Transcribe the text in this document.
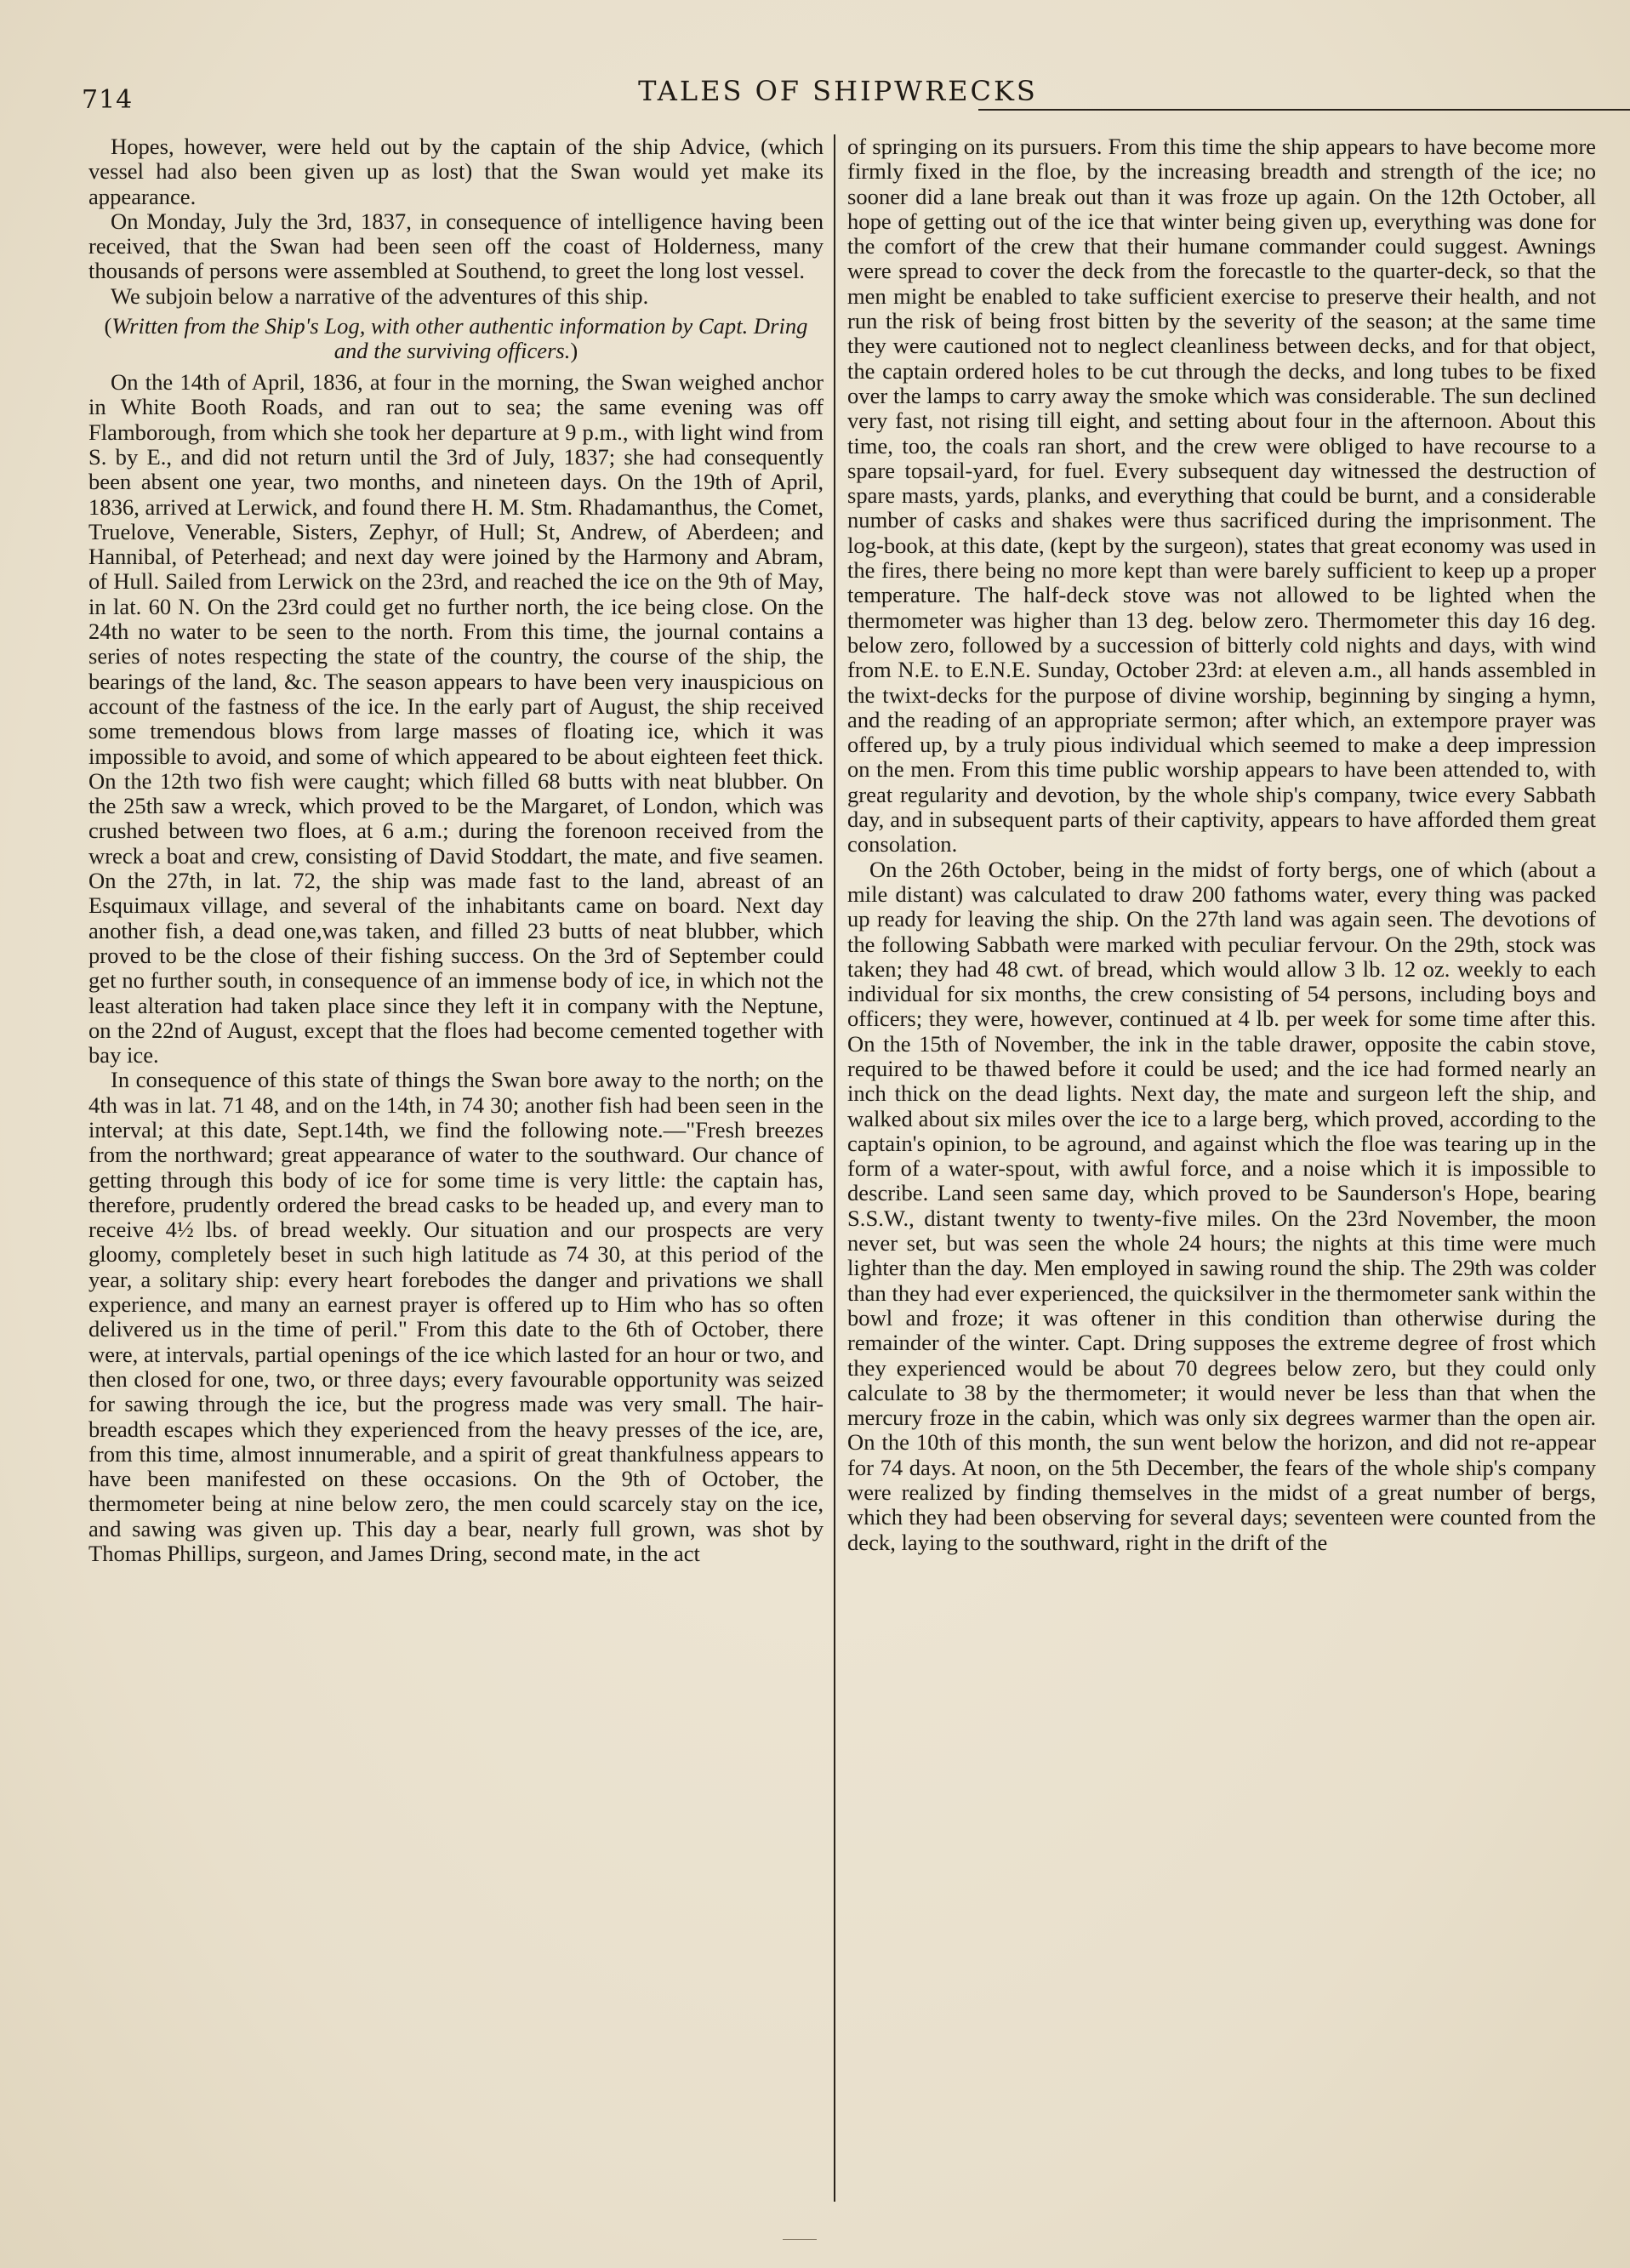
714	TALES OF SHIPWRECKS

Hopes, however, were held out by the captain of the ship Advice, (which vessel had also been given up as lost) that the Swan would yet make its appearance.

On Monday, July the 3rd, 1837, in consequence of intelligence having been received, that the Swan had been seen off the coast of Holderness, many thousands of persons were assembled at Southend, to greet the long lost vessel.

We subjoin below a narrative of the adventures of this ship.

(Written from the Ship's Log, with other authentic information by Capt. Dring and the surviving officers.)

On the 14th of April, 1836, at four in the morning, the Swan weighed anchor in White Booth Roads, and ran out to sea; the same evening was off Flamborough, from which she took her departure at 9 p.m., with light wind from S. by E., and did not return until the 3rd of July, 1837; she had consequently been absent one year, two months, and nineteen days. On the 19th of April, 1836, arrived at Lerwick, and found there H. M. Stm. Rhadamanthus, the Comet, Truelove, Venerable, Sisters, Zephyr, of Hull; St, Andrew, of Aberdeen; and Hannibal, of Peterhead; and next day were joined by the Harmony and Abram, of Hull. Sailed from Lerwick on the 23rd, and reached the ice on the 9th of May, in lat. 60 N. On the 23rd could get no further north, the ice being close. On the 24th no water to be seen to the north. From this time, the journal contains a series of notes respecting the state of the country, the course of the ship, the bearings of the land, &c. The season appears to have been very inauspicious on account of the fastness of the ice. In the early part of August, the ship received some tremendous blows from large masses of floating ice, which it was impossible to avoid, and some of which appeared to be about eighteen feet thick. On the 12th two fish were caught; which filled 68 butts with neat blubber. On the 25th saw a wreck, which proved to be the Margaret, of London, which was crushed between two floes, at 6 a.m.; during the forenoon received from the wreck a boat and crew, consisting of David Stoddart, the mate, and five seamen. On the 27th, in lat. 72, the ship was made fast to the land, abreast of an Esquimaux village, and several of the inhabitants came on board. Next day another fish, a dead one,was taken, and filled 23 butts of neat blubber, which proved to be the close of their fishing success. On the 3rd of September could get no further south, in consequence of an immense body of ice, in which not the least alteration had taken place since they left it in company with the Neptune, on the 22nd of August, except that the floes had become cemented together with bay ice.

In consequence of this state of things the Swan bore away to the north; on the 4th was in lat. 71 48, and on the 14th, in 74 30; another fish had been seen in the interval; at this date, Sept.14th, we find the following note.—"Fresh breezes from the northward; great appearance of water to the southward. Our chance of getting through this body of ice for some time is very little: the captain has, therefore, prudently ordered the bread casks to be headed up, and every man to receive 4½ lbs. of bread weekly. Our situation and our prospects are very gloomy, completely beset in such high latitude as 74 30, at this period of the year, a solitary ship: every heart forebodes the danger and privations we shall experience, and many an earnest prayer is offered up to Him who has so often delivered us in the time of peril." From this date to the 6th of October, there were, at intervals, partial openings of the ice which lasted for an hour or two, and then closed for one, two, or three days; every favourable opportunity was seized for sawing through the ice, but the progress made was very small. The hair-breadth escapes which they experienced from the heavy presses of the ice, are, from this time, almost innumerable, and a spirit of great thankfulness appears to have been manifested on these occasions. On the 9th of October, the thermometer being at nine below zero, the men could scarcely stay on the ice, and sawing was given up. This day a bear, nearly full grown, was shot by Thomas Phillips, surgeon, and James Dring, second mate, in the act

of springing on its pursuers. From this time the ship appears to have become more firmly fixed in the floe, by the increasing breadth and strength of the ice; no sooner did a lane break out than it was froze up again. On the 12th October, all hope of getting out of the ice that winter being given up, everything was done for the comfort of the crew that their humane commander could suggest. Awnings were spread to cover the deck from the forecastle to the quarter-deck, so that the men might be enabled to take sufficient exercise to preserve their health, and not run the risk of being frost bitten by the severity of the season; at the same time they were cautioned not to neglect cleanliness between decks, and for that object, the captain ordered holes to be cut through the decks, and long tubes to be fixed over the lamps to carry away the smoke which was considerable. The sun declined very fast, not rising till eight, and setting about four in the afternoon. About this time, too, the coals ran short, and the crew were obliged to have recourse to a spare topsail-yard, for fuel. Every subsequent day witnessed the destruction of spare masts, yards, planks, and everything that could be burnt, and a considerable number of casks and shakes were thus sacrificed during the imprisonment. The log-book, at this date, (kept by the surgeon), states that great economy was used in the fires, there being no more kept than were barely sufficient to keep up a proper temperature. The half-deck stove was not allowed to be lighted when the thermometer was higher than 13 deg. below zero. Thermometer this day 16 deg. below zero, followed by a succession of bitterly cold nights and days, with wind from N.E. to E.N.E. Sunday, October 23rd: at eleven a.m., all hands assembled in the twixt-decks for the purpose of divine worship, beginning by singing a hymn, and the reading of an appropriate sermon; after which, an extempore prayer was offered up, by a truly pious individual which seemed to make a deep impression on the men. From this time public worship appears to have been attended to, with great regularity and devotion, by the whole ship's company, twice every Sabbath day, and in subsequent parts of their captivity, appears to have afforded them great consolation.

On the 26th October, being in the midst of forty bergs, one of which (about a mile distant) was calculated to draw 200 fathoms water, every thing was packed up ready for leaving the ship. On the 27th land was again seen. The devotions of the following Sabbath were marked with peculiar fervour. On the 29th, stock was taken; they had 48 cwt. of bread, which would allow 3 lb. 12 oz. weekly to each individual for six months, the crew consisting of 54 persons, including boys and officers; they were, however, continued at 4 lb. per week for some time after this. On the 15th of November, the ink in the table drawer, opposite the cabin stove, required to be thawed before it could be used; and the ice had formed nearly an inch thick on the dead lights. Next day, the mate and surgeon left the ship, and walked about six miles over the ice to a large berg, which proved, according to the captain's opinion, to be aground, and against which the floe was tearing up in the form of a water-spout, with awful force, and a noise which it is impossible to describe. Land seen same day, which proved to be Saunderson's Hope, bearing S.S.W., distant twenty to twenty-five miles. On the 23rd November, the moon never set, but was seen the whole 24 hours; the nights at this time were much lighter than the day. Men employed in sawing round the ship. The 29th was colder than they had ever experienced, the quicksilver in the thermometer sank within the bowl and froze; it was oftener in this condition than otherwise during the remainder of the winter. Capt. Dring supposes the extreme degree of frost which they experienced would be about 70 degrees below zero, but they could only calculate to 38 by the thermometer; it would never be less than that when the mercury froze in the cabin, which was only six degrees warmer than the open air. On the 10th of this month, the sun went below the horizon, and did not re-appear for 74 days. At noon, on the 5th December, the fears of the whole ship's company were realized by finding themselves in the midst of a great number of bergs, which they had been observing for several days; seventeen were counted from the deck, laying to the southward, right in the drift of the
